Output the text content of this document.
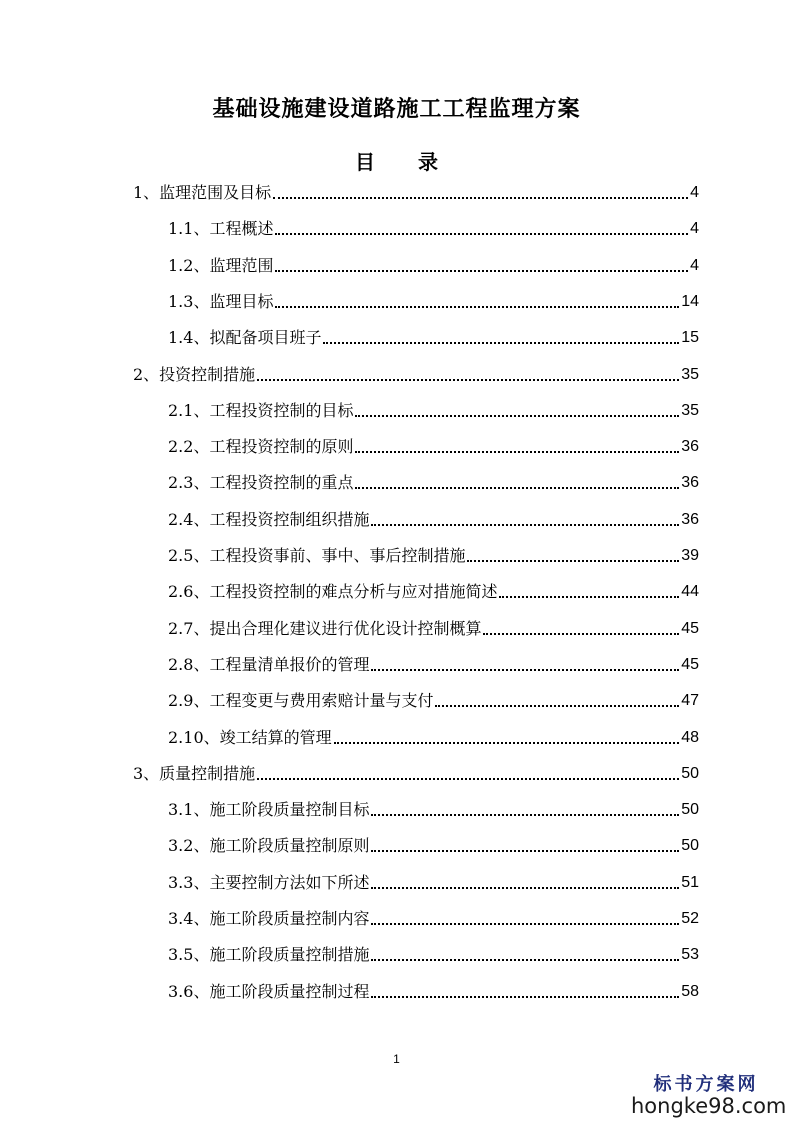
基础设施建设道路施工工程监理方案
目 录
1、监理范围及目标	4
1.1、工程概述	4
1.2、监理范围	4
1.3、监理目标	14
1.4、拟配备项目班子	15
2、投资控制措施	35
2.1、工程投资控制的目标	35
2.2、工程投资控制的原则	36
2.3、工程投资控制的重点	36
2.4、工程投资控制组织措施	36
2.5、工程投资事前、事中、事后控制措施	39
2.6、工程投资控制的难点分析与应对措施简述	44
2.7、提出合理化建议进行优化设计控制概算	45
2.8、工程量清单报价的管理	45
2.9、工程变更与费用索赔计量与支付	47
2.10、竣工结算的管理	48
3、质量控制措施	50
3.1、施工阶段质量控制目标	50
3.2、施工阶段质量控制原则	50
3.3、主要控制方法如下所述	51
3.4、施工阶段质量控制内容	52
3.5、施工阶段质量控制措施	53
3.6、施工阶段质量控制过程	58
1
标书方案网
hongke98.com
